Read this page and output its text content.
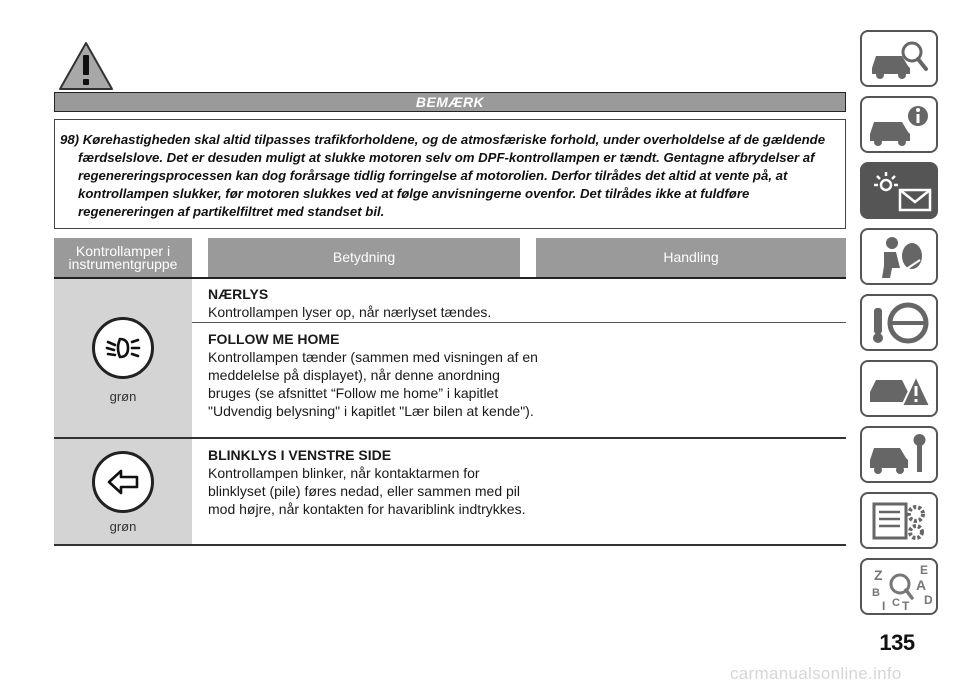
BEMÆRK

98) Kørehastigheden skal altid tilpasses trafikforholdene, og de atmosfæriske forhold, under overholdelse af de gældende færdselslove. Det er desuden muligt at slukke motoren selv om DPF-kontrollampen er tændt. Gentagne afbrydelser af regenereringsprocessen kan dog forårsage tidlig forringelse af motorolien. Derfor tilrådes det altid at vente på, at kontrollampen slukker, før motoren slukkes ved at følge anvisningerne ovenfor. Det tilrådes ikke at fuldføre regenereringen af partikelfiltret med standset bil.

Kontrollamper i instrumentgruppe	Betydning	Handling
grøn
NÆRLYS
Kontrollampen lyser op, når nærlyset tændes.
FOLLOW ME HOME
Kontrollampen tænder (sammen med visningen af en meddelelse på displayet), når denne anordning bruges (se afsnittet “Follow me home” i kapitlet "Udvendig belysning" i kapitlet "Lær bilen at kende").
grøn
BLINKLYS I VENSTRE SIDE
Kontrollampen blinker, når kontaktarmen for blinklyset (pile) føres nedad, eller sammen med pil mod højre, når kontakten for havariblink indtrykkes.
Z	E
A
B	D
I C T
135
carmanualsonline.info
